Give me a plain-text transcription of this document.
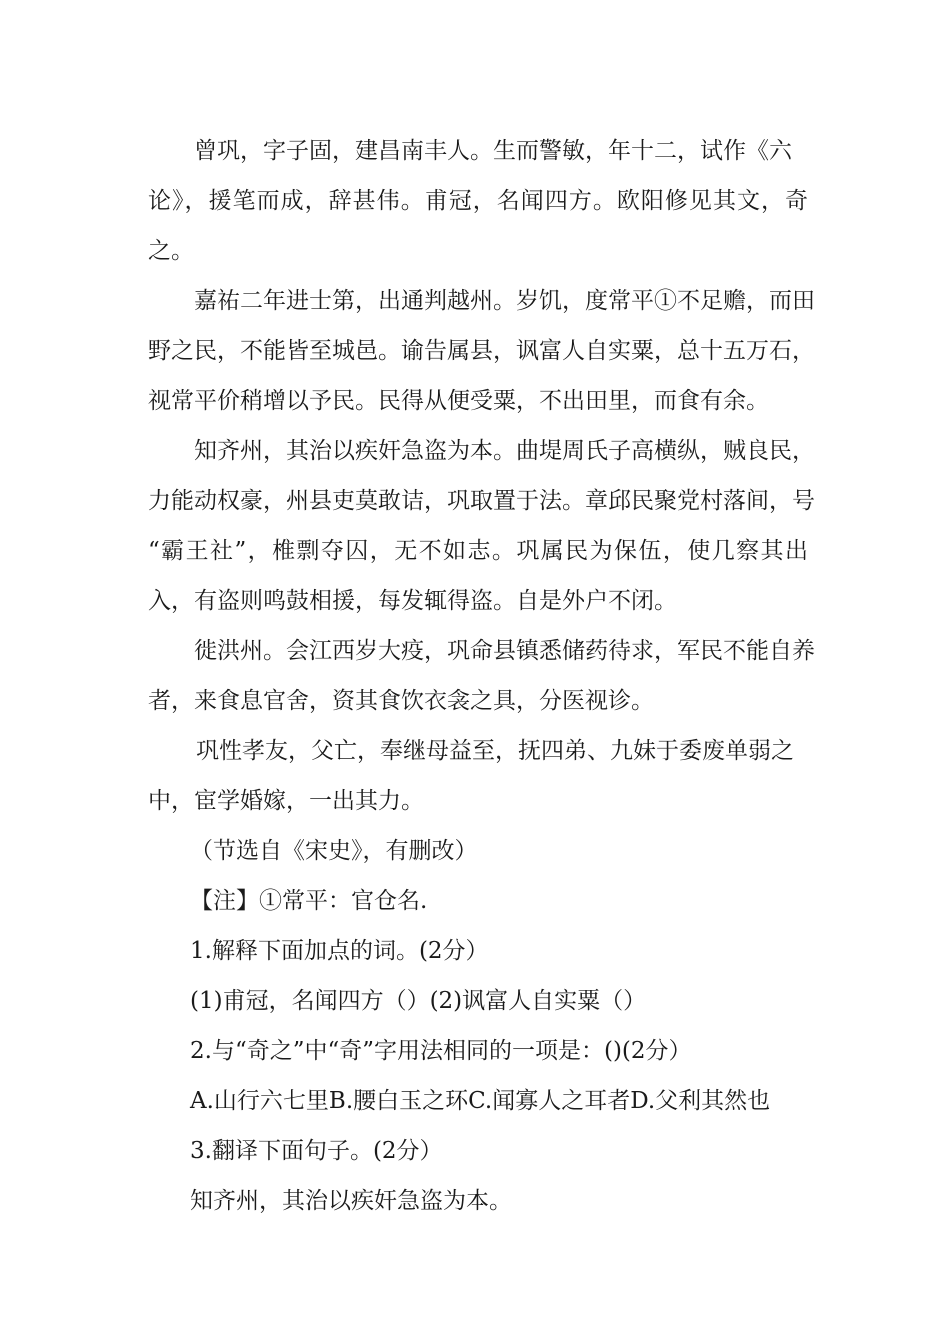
曾巩，字子固，建昌南丰人。生而警敏，年十二，试作《六
论》，援笔而成，辞甚伟。甫冠，名闻四方。欧阳修见其文，奇
之。
嘉祐二年进士第，出通判越州。岁饥，度常平①不足赡，而田
野之民，不能皆至城邑。谕告属县，讽富人自实粟，总十五万石，
视常平价稍增以予民。民得从便受粟，不出田里，而食有余。
知齐州，其治以疾奸急盗为本。曲堤周氏子高横纵，贼良民，
力能动权豪，州县吏莫敢诘，巩取置于法。章邱民聚党村落间，号
“霸王社”，椎剽夺囚，无不如志。巩属民为保伍，使几察其出
入，有盗则鸣鼓相援，每发辄得盗。自是外户不闭。
徙洪州。会江西岁大疫，巩命县镇悉储药待求，军民不能自养
者，来食息官舍，资其食饮衣衾之具，分医视诊。
巩性孝友，父亡，奉继母益至，抚四弟、九妹于委废单弱之
中，宦学婚嫁，一出其力。
（节选自《宋史》，有删改）
【注】①常平：官仓名.
1.解释下面加点的词。(2分）
(1)甫冠，名闻四方（）(2)讽富人自实粟（）
2.与“奇之”中“奇”字用法相同的一项是：()(2分）
A.山行六七里B.腰白玉之环C.闻寡人之耳者D.父利其然也
3.翻译下面句子。(2分）
知齐州，其治以疾奸急盗为本。
